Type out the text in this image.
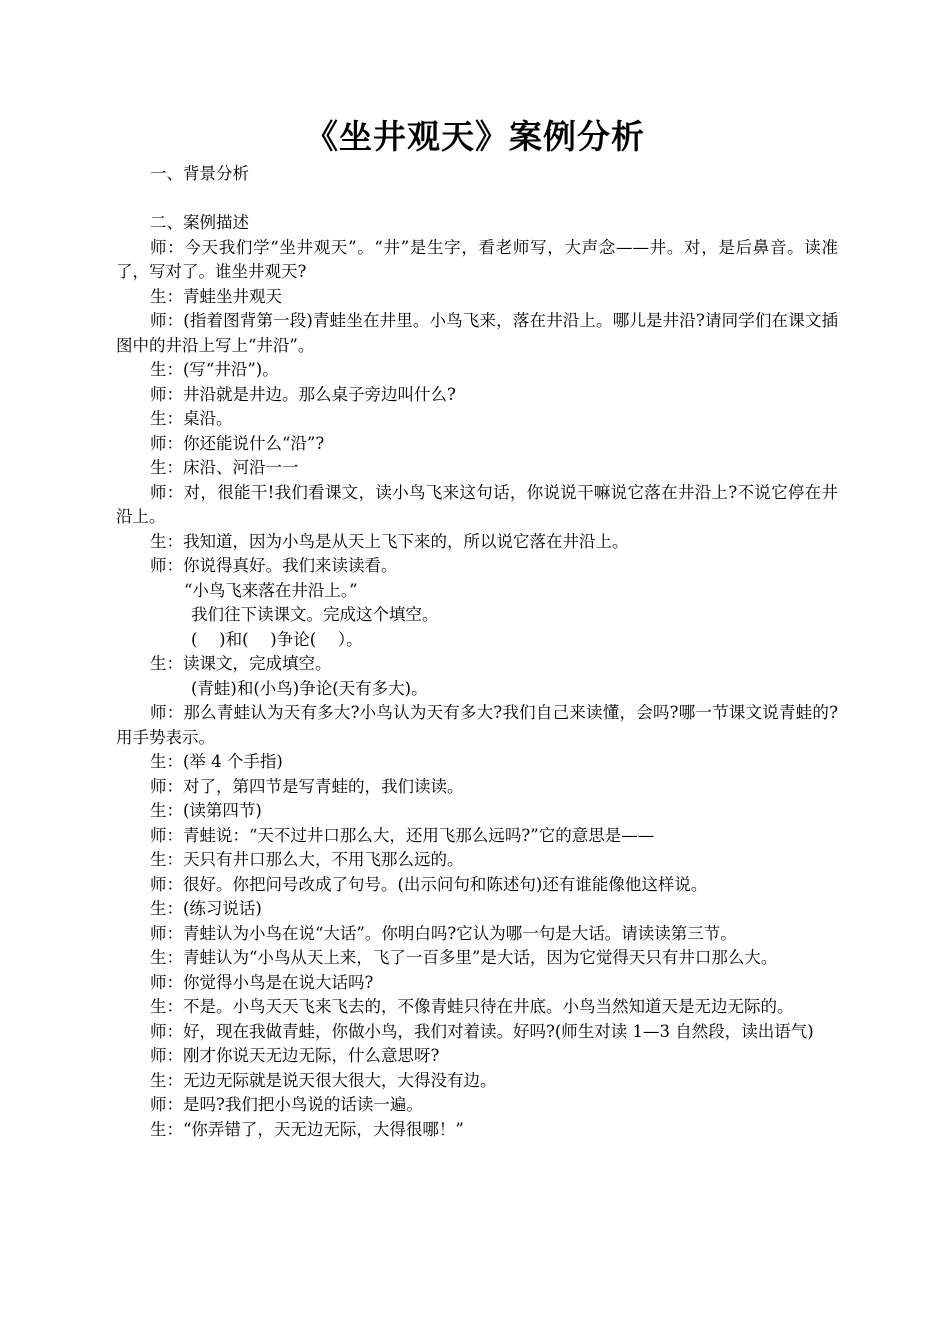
《坐井观天》案例分析

一、背景分析

二、案例描述

师：今天我们学“坐井观天”。“井”是生字，看老师写，大声念——井。对，是后鼻音。读准了，写对了。谁坐井观天?

生：青蛙坐井观天

师：(指着图背第一段)青蛙坐在井里。小鸟飞来，落在井沿上。哪儿是井沿?请同学们在课文插图中的井沿上写上“井沿”。

生：(写“井沿”)。

师：井沿就是井边。那么桌子旁边叫什么?

生：桌沿。

师：你还能说什么“沿”?

生：床沿、河沿一一

师：对，很能干!我们看课文，读小鸟飞来这句话，你说说干嘛说它落在井沿上?不说它停在井沿上。

生：我知道，因为小鸟是从天上飞下来的，所以说它落在井沿上。

师：你说得真好。我们来读读看。

“小鸟飞来落在井沿上。”

我们往下读课文。完成这个填空。

(　 )和(　 )争论(　 ）。

生：读课文，完成填空。

(青蛙)和(小鸟)争论(天有多大)。

师：那么青蛙认为天有多大?小鸟认为天有多大?我们自己来读懂，会吗?哪一节课文说青蛙的?用手势表示。

生：(举 4 个手指)

师：对了，第四节是写青蛙的，我们读读。

生：(读第四节)

师：青蛙说：“天不过井口那么大，还用飞那么远吗?”它的意思是——

生：天只有井口那么大，不用飞那么远的。

师：很好。你把问号改成了句号。(出示问句和陈述句)还有谁能像他这样说。

生：(练习说话)

师：青蛙认为小鸟在说“大话”。你明白吗?它认为哪一句是大话。请读读第三节。

生：青蛙认为“小鸟从天上来，飞了一百多里”是大话，因为它觉得天只有井口那么大。

师：你觉得小鸟是在说大话吗?

生：不是。小鸟天天飞来飞去的，不像青蛙只待在井底。小鸟当然知道天是无边无际的。

师：好，现在我做青蛙，你做小鸟，我们对着读。好吗?(师生对读 1—3 自然段，读出语气)

师：刚才你说天无边无际，什么意思呀?

生：无边无际就是说天很大很大，大得没有边。

师：是吗?我们把小鸟说的话读一遍。

生：“你弄错了，天无边无际，大得很哪！”
